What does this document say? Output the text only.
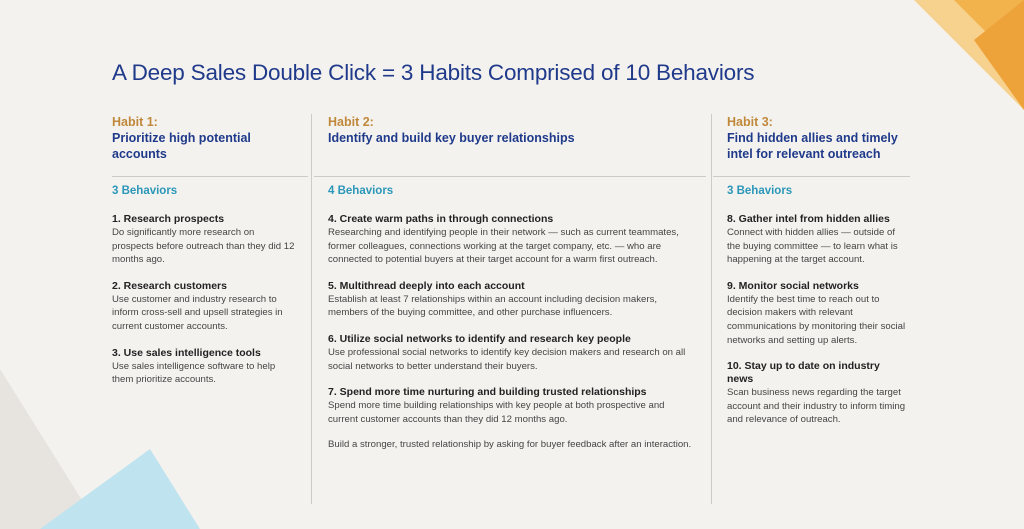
A Deep Sales Double Click = 3 Habits Comprised of 10 Behaviors
Habit 1:
Prioritize high potential accounts
3 Behaviors
1. Research prospects
Do significantly more research on prospects before outreach than they did 12 months ago.
2. Research customers
Use customer and industry research to inform cross-sell and upsell strategies in current customer accounts.
3. Use sales intelligence tools
Use sales intelligence software to help them prioritize accounts.
Habit 2:
Identify and build key buyer relationships
4 Behaviors
4. Create warm paths in through connections
Researching and identifying people in their network — such as current teammates, former colleagues, connections working at the target company, etc. — who are connected to potential buyers at their target account for a warm first outreach.
5. Multithread deeply into each account
Establish at least 7 relationships within an account including decision makers, members of the buying committee, and other purchase influencers.
6. Utilize social networks to identify and research key people
Use professional social networks to identify key decision makers and research on all social networks to better understand their buyers.
7. Spend more time nurturing and building trusted relationships
Spend more time building relationships with key people at both prospective and current customer accounts than they did 12 months ago.
Build a stronger, trusted relationship by asking for buyer feedback after an interaction.
Habit 3:
Find hidden allies and timely intel for relevant outreach
3 Behaviors
8. Gather intel from hidden allies
Connect with hidden allies — outside of the buying committee — to learn what is happening at the target account.
9. Monitor social networks
Identify the best time to reach out to decision makers with relevant communications by monitoring their social networks and setting up alerts.
10. Stay up to date on industry news
Scan business news regarding the target account and their industry to inform timing and relevance of outreach.
